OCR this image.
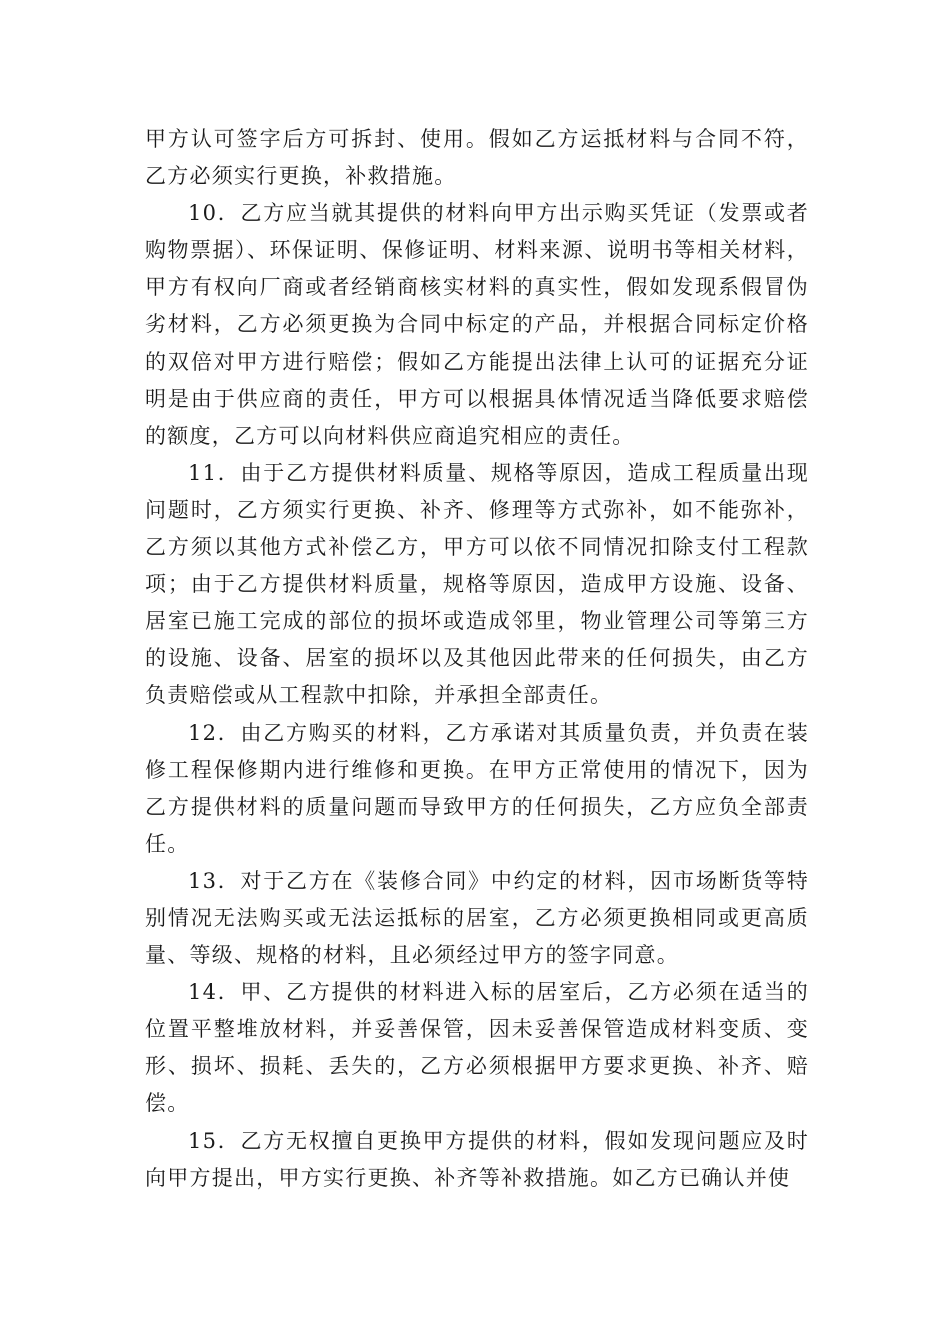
甲方认可签字后方可拆封、使用。假如乙方运抵材料与合同不符，乙方必须实行更换，补救措施。

10．乙方应当就其提供的材料向甲方出示购买凭证（发票或者购物票据）、环保证明、保修证明、材料来源、说明书等相关材料，甲方有权向厂商或者经销商核实材料的真实性，假如发现系假冒伪劣材料，乙方必须更换为合同中标定的产品，并根据合同标定价格的双倍对甲方进行赔偿；假如乙方能提出法律上认可的证据充分证明是由于供应商的责任，甲方可以根据具体情况适当降低要求赔偿的额度，乙方可以向材料供应商追究相应的责任。

11．由于乙方提供材料质量、规格等原因，造成工程质量出现问题时，乙方须实行更换、补齐、修理等方式弥补，如不能弥补，乙方须以其他方式补偿乙方，甲方可以依不同情况扣除支付工程款项；由于乙方提供材料质量，规格等原因，造成甲方设施、设备、居室已施工完成的部位的损坏或造成邻里，物业管理公司等第三方的设施、设备、居室的损坏以及其他因此带来的任何损失，由乙方负责赔偿或从工程款中扣除，并承担全部责任。

12．由乙方购买的材料，乙方承诺对其质量负责，并负责在装修工程保修期内进行维修和更换。在甲方正常使用的情况下，因为乙方提供材料的质量问题而导致甲方的任何损失，乙方应负全部责任。

13．对于乙方在《装修合同》中约定的材料，因市场断货等特别情况无法购买或无法运抵标的居室，乙方必须更换相同或更高质量、等级、规格的材料，且必须经过甲方的签字同意。

14．甲、乙方提供的材料进入标的居室后，乙方必须在适当的位置平整堆放材料，并妥善保管，因未妥善保管造成材料变质、变形、损坏、损耗、丢失的，乙方必须根据甲方要求更换、补齐、赔偿。

15．乙方无权擅自更换甲方提供的材料，假如发现问题应及时向甲方提出，甲方实行更换、补齐等补救措施。如乙方已确认并使
